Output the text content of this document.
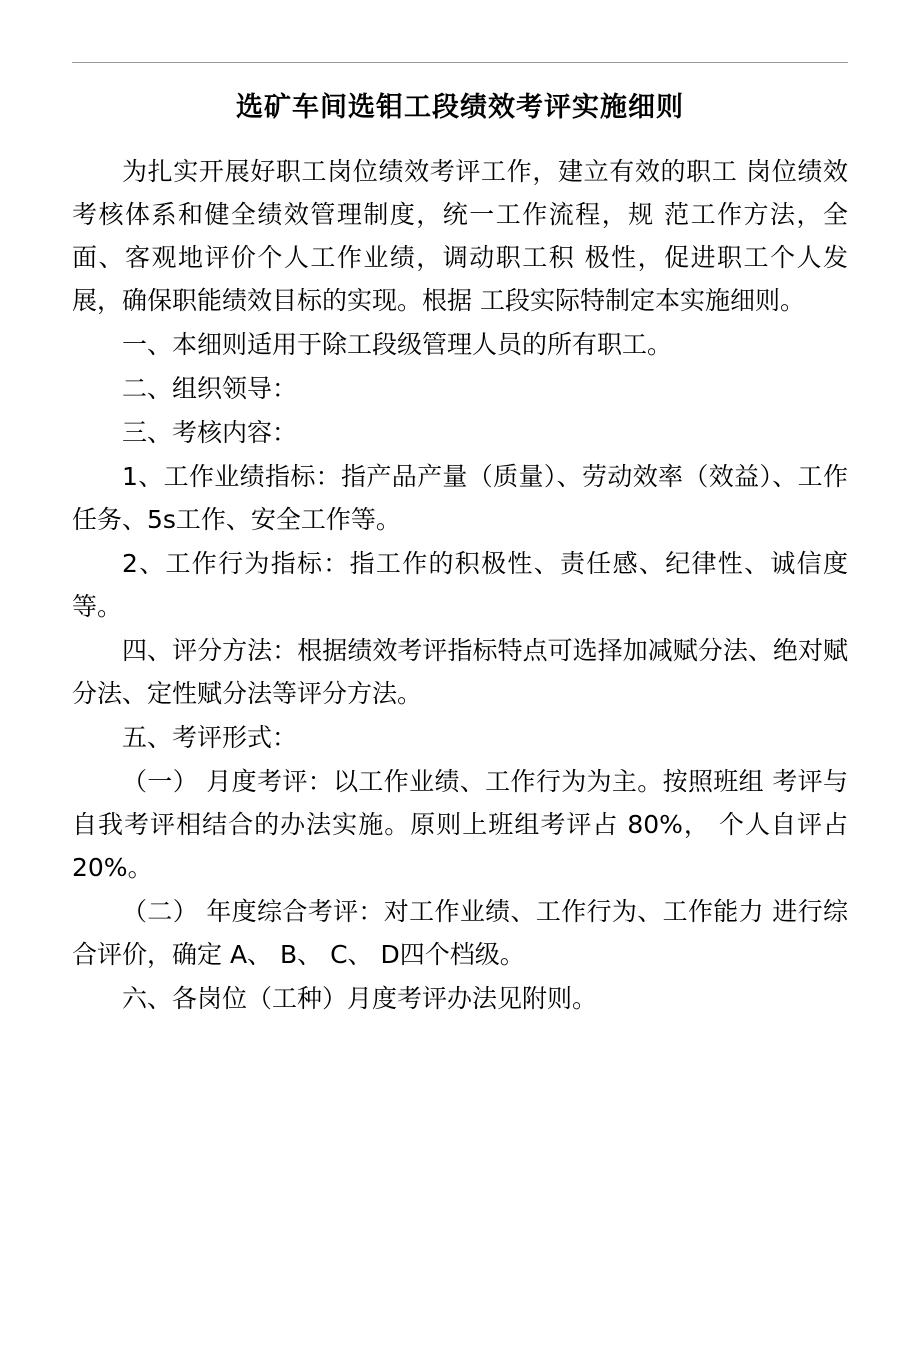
选矿车间选钼工段绩效考评实施细则

为扎实开展好职工岗位绩效考评工作，建立有效的职工 岗位绩效考核体系和健全绩效管理制度，统一工作流程，规 范工作方法，全面、客观地评价个人工作业绩，调动职工积 极性，促进职工个人发展，确保职能绩效目标的实现。根据 工段实际特制定本实施细则。

一、本细则适用于除工段级管理人员的所有职工。

二、组织领导：

三、考核内容：

1、工作业绩指标：指产品产量（质量）、劳动效率（效益）、工作任务、5s工作、安全工作等。

2、工作行为指标：指工作的积极性、责任感、纪律性、诚信度等。

四、评分方法：根据绩效考评指标特点可选择加减赋分法、绝对赋分法、定性赋分法等评分方法。

五、考评形式：

（一） 月度考评：以工作业绩、工作行为为主。按照班组 考评与自我考评相结合的办法实施。原则上班组考评占 80%， 个人自评占 20%。

（二） 年度综合考评：对工作业绩、工作行为、工作能力 进行综合评价，确定 A、 B、 C、 D四个档级。

六、各岗位（工种）月度考评办法见附则。
